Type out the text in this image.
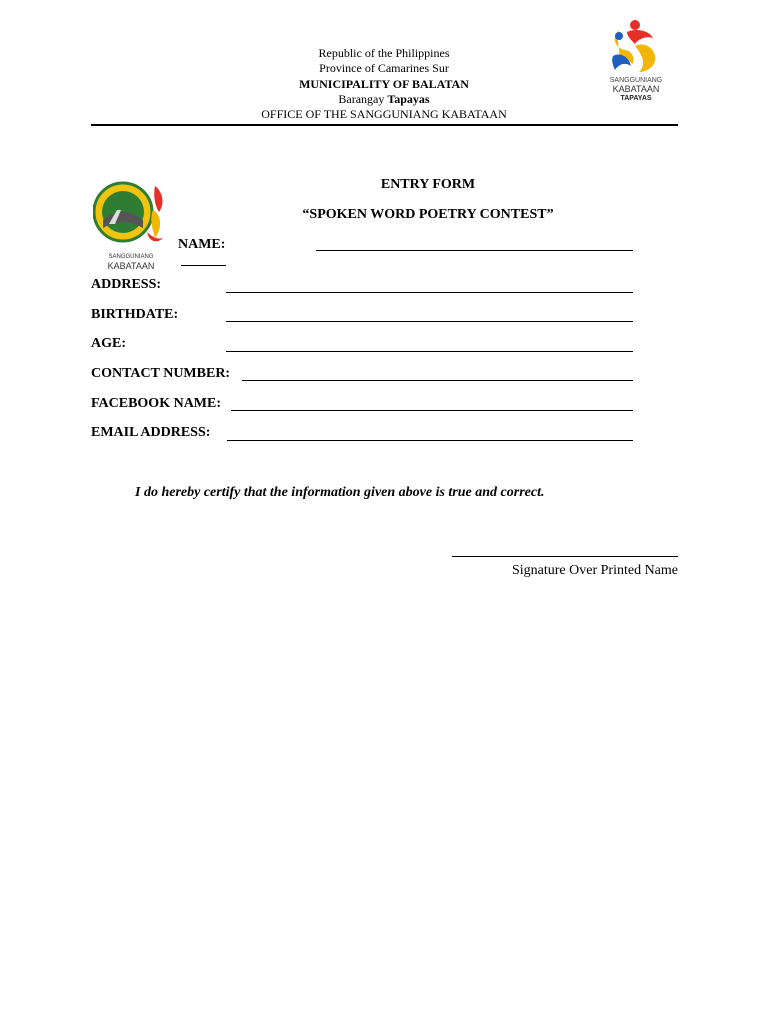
Republic of the Philippines
Province of Camarines Sur
MUNICIPALITY OF BALATAN
Barangay Tapayas
OFFICE OF THE SANGGUNIANG KABATAAN
SANGGUNIANG
KABATAAN
TAPAYAS
SANGGUNIANG
KABATAAN
ENTRY FORM
“SPOKEN WORD POETRY CONTEST”
NAME:
ADDRESS:
BIRTHDATE:
AGE:
CONTACT NUMBER:
FACEBOOK NAME:
EMAIL ADDRESS:
I do hereby certify that the information given above is true and correct.
Signature Over Printed Name
